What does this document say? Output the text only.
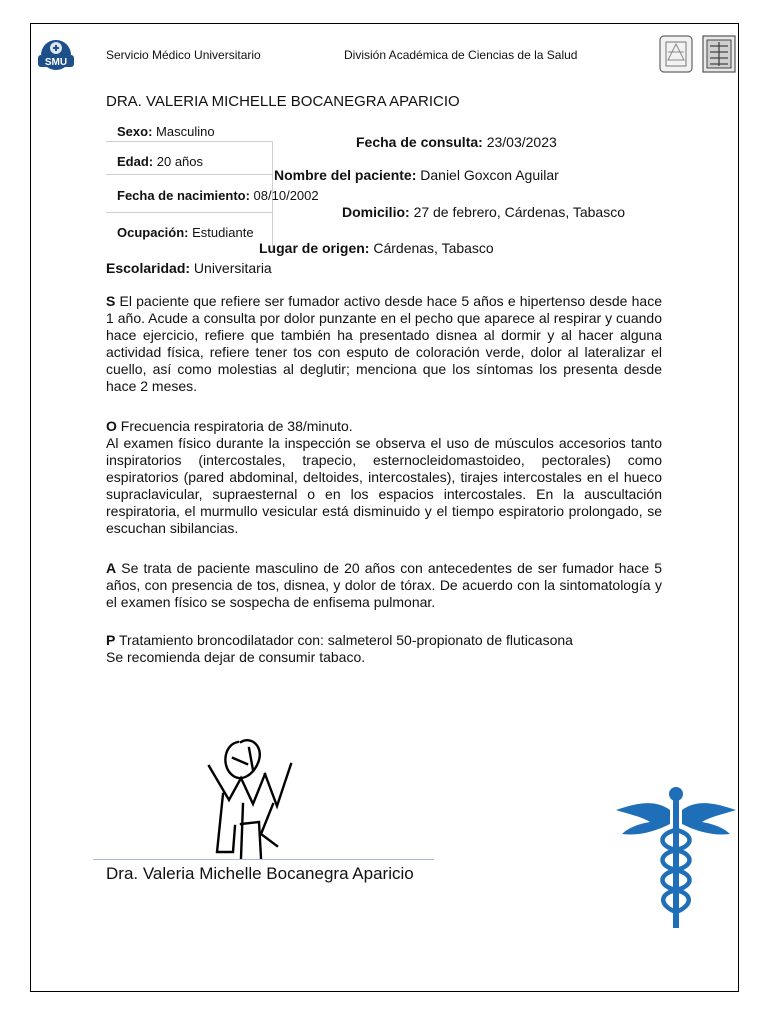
SMU
Servicio Médico Universitario	División Académica de Ciencias de la Salud
DRA. VALERIA MICHELLE BOCANEGRA APARICIO
Sexo: Masculino
Edad: 20 años
Fecha de nacimiento: 08/10/2002
Ocupación: Estudiante
Escolaridad: Universitaria
Fecha de consulta: 23/03/2023
Nombre del paciente: Daniel Goxcon Aguilar
Domicilio: 27 de febrero, Cárdenas, Tabasco
Lugar de origen: Cárdenas, Tabasco

S El paciente que refiere ser fumador activo desde hace 5 años e hipertenso desde hace 1 año. Acude a consulta por dolor punzante en el pecho que aparece al respirar y cuando hace ejercicio, refiere que también ha presentado disnea al dormir y al hacer alguna actividad física, refiere tener tos con esputo de coloración verde, dolor al lateralizar el cuello, así como molestias al deglutir; menciona que los síntomas los presenta desde hace 2 meses.

O Frecuencia respiratoria de 38/minuto.

Al examen físico durante la inspección se observa el uso de músculos accesorios tanto inspiratorios (intercostales, trapecio, esternocleidomastoideo, pectorales) como espiratorios (pared abdominal, deltoides, intercostales), tirajes intercostales en el hueco supraclavicular, supraesternal o en los espacios intercostales. En la auscultación respiratoria, el murmullo vesicular está disminuido y el tiempo espiratorio prolongado, se escuchan sibilancias.

A Se trata de paciente masculino de 20 años con antecedentes de ser fumador hace 5 años, con presencia de tos, disnea, y dolor de tórax. De acuerdo con la sintomatología y el examen físico se sospecha de enfisema pulmonar.

P Tratamiento broncodilatador con: salmeterol 50-propionato de fluticasona

Se recomienda dejar de consumir tabaco.

Dra. Valeria Michelle Bocanegra Aparicio
